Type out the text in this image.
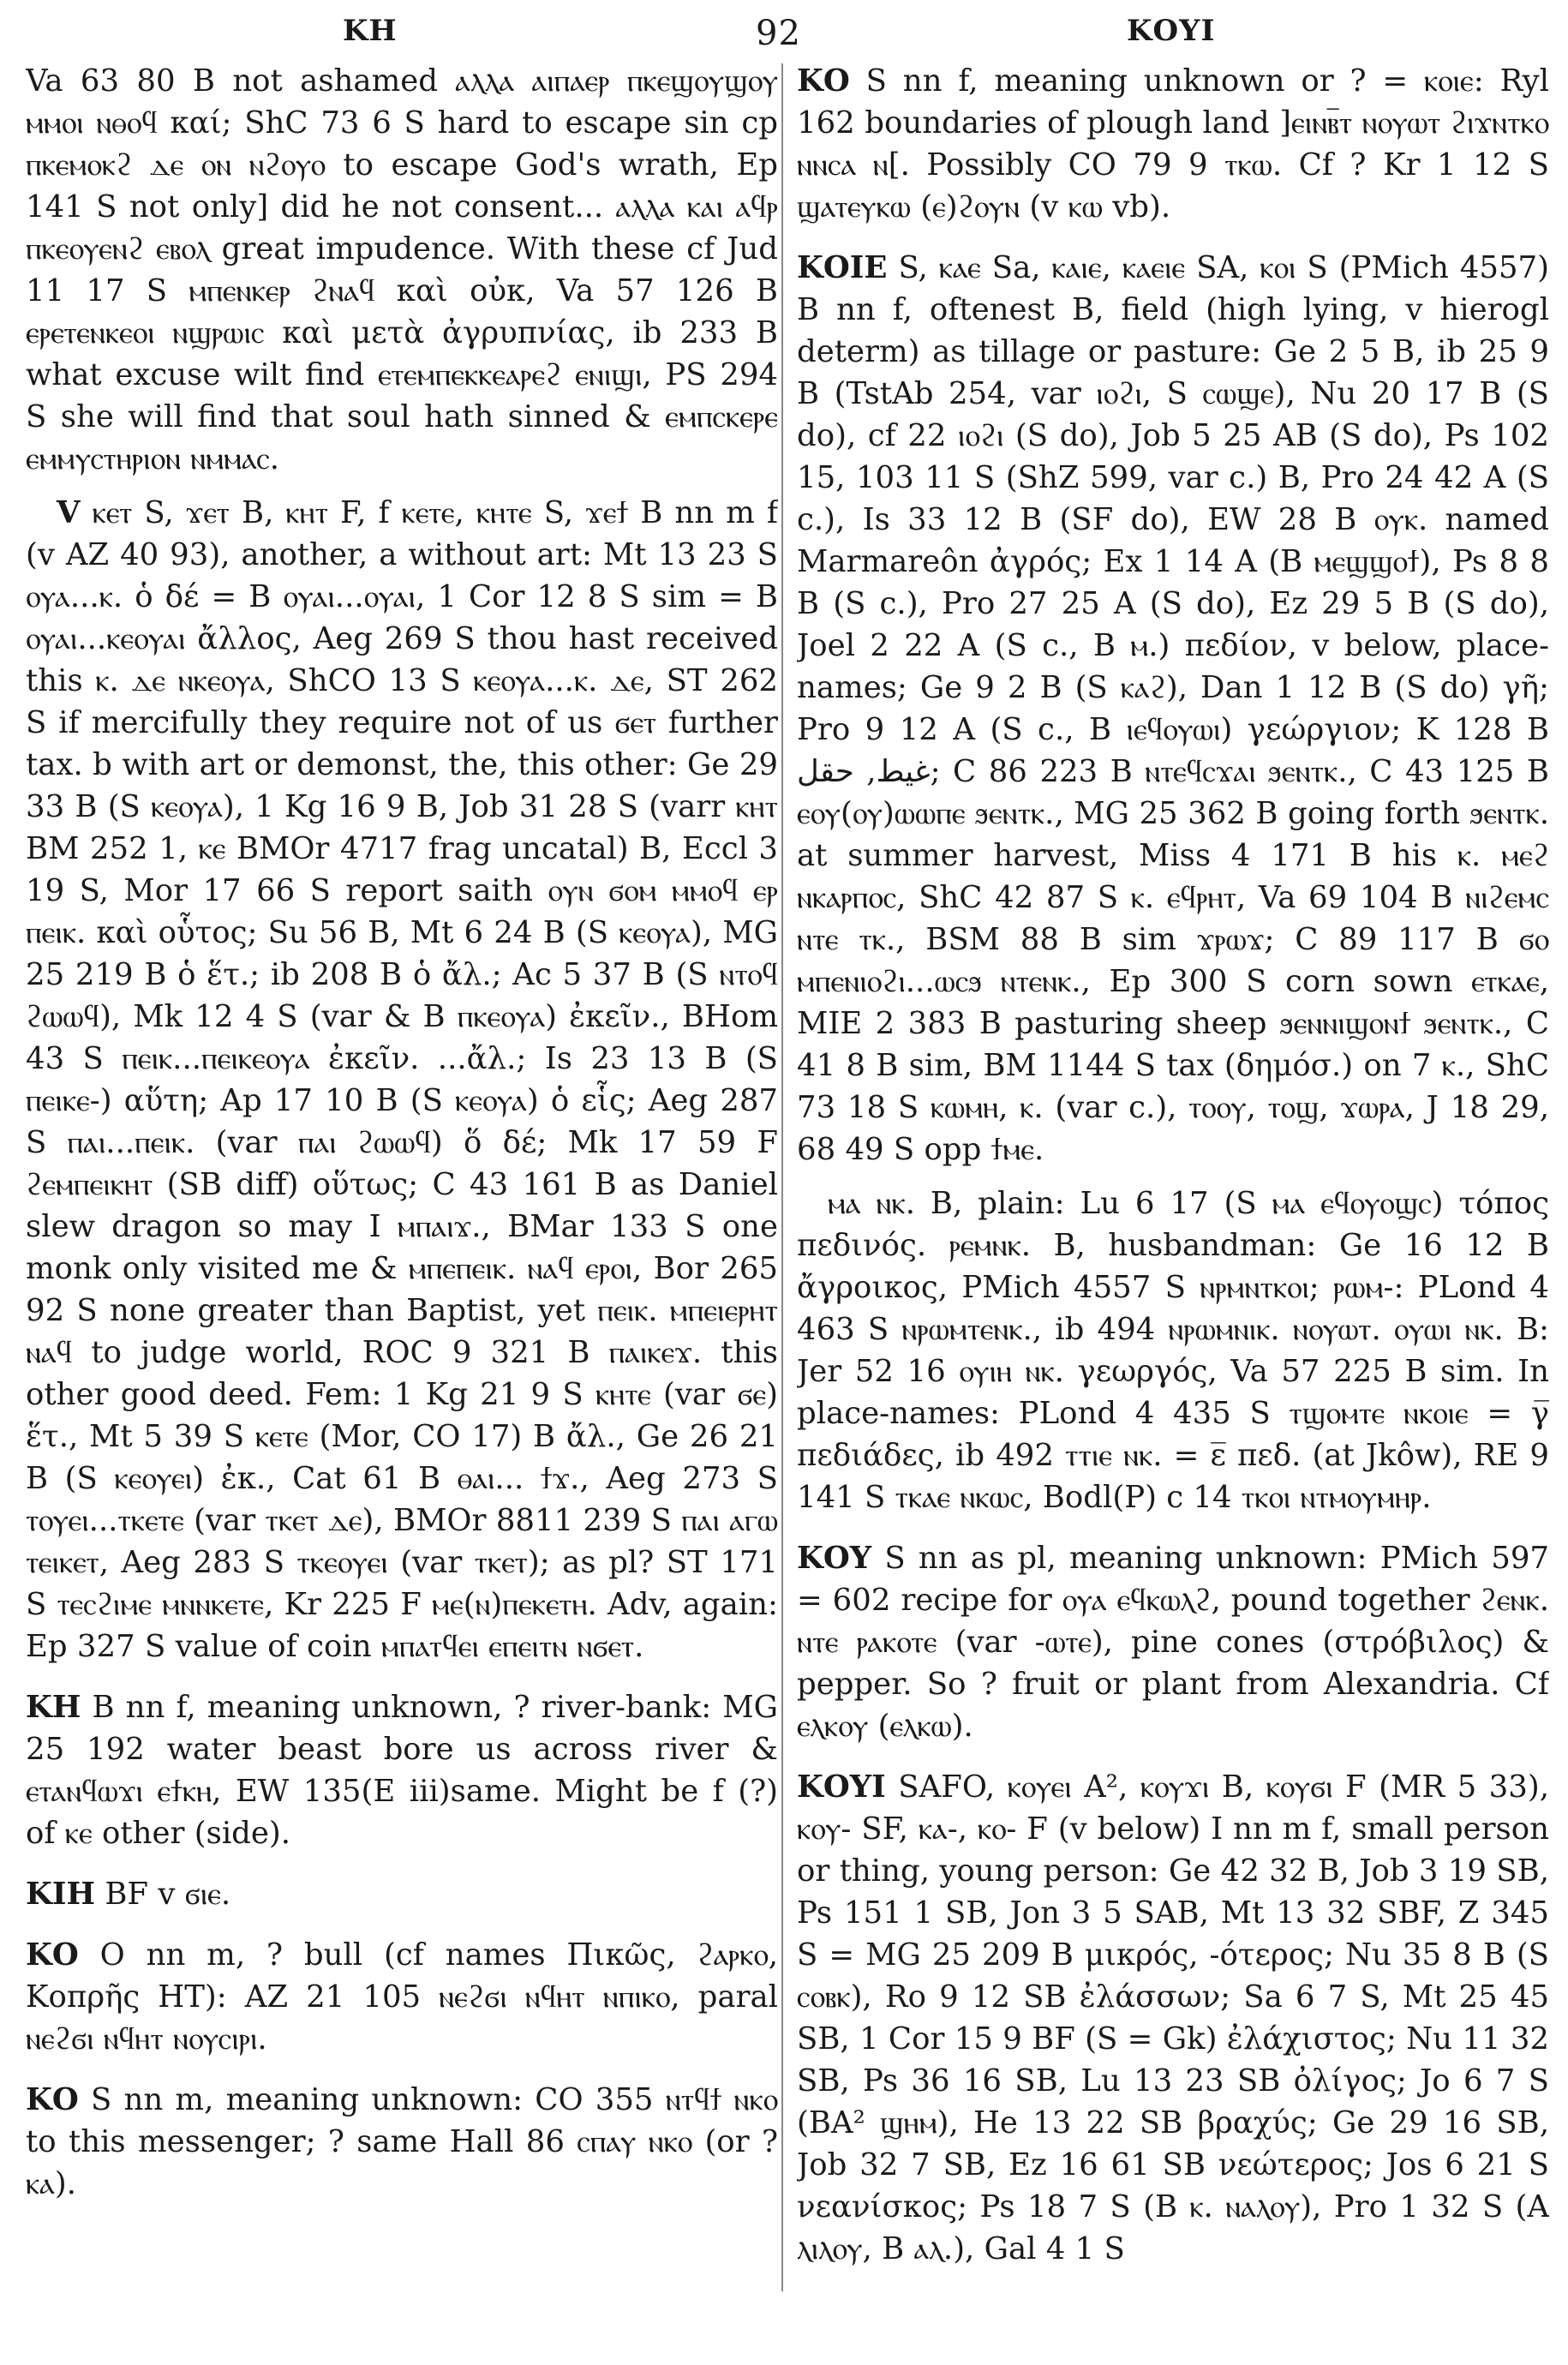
ΚΗ	92	ΚΟΥΙ

Va 63 80 B not ashamed ⲁⲗⲗⲁ ⲁⲓⲡⲁⲉⲣ ⲡⲕⲉϣⲟⲩϣⲟⲩ ⲙⲙⲟⲓ ⲛⲑⲟϥ καί; ShC 73 6 S hard to escape sin cp ⲡⲕⲉⲙⲟⲕϩ ⲇⲉ ⲟⲛ ⲛϩⲟⲩⲟ to escape God's wrath, Ep 141 S not only] did he not consent... ⲁⲗⲗⲁ ⲕⲁⲓ ⲁϥⲣ ⲡⲕⲉⲟⲩⲉⲛϩ ⲉⲃⲟⲗ great impudence. With these cf Jud 11 17 S ⲙⲡⲉⲛⲕⲉⲣ ϩⲛⲁϥ καὶ οὐκ, Va 57 126 B ⲉⲣⲉⲧⲉⲛⲕⲉⲟⲓ ⲛϣⲣⲱⲓⲥ καὶ μετὰ ἀγρυπνίας, ib 233 B what excuse wilt find ⲉⲧⲉⲙⲡⲉⲕⲕⲉⲁⲣⲉϩ ⲉⲛⲓϣⲓ, PS 294 S she will find that soul hath sinned & ⲉⲙⲡⲥⲕⲉⲣⲉ ⲉⲙⲙⲩⲥⲧⲏⲣⲓⲟⲛ ⲛⲙⲙⲁⲥ.

V ⲕⲉⲧ S, ϫⲉⲧ B, ⲕⲏⲧ F, f ⲕⲉⲧⲉ, ⲕⲏⲧⲉ S, ϫⲉϯ B nn m f (v AZ 40 93), another, a without art: Mt 13 23 S ⲟⲩⲁ...ⲕ. ὁ δέ = B ⲟⲩⲁⲓ...ⲟⲩⲁⲓ, 1 Cor 12 8 S sim = B ⲟⲩⲁⲓ...ⲕⲉⲟⲩⲁⲓ ἄλλος, Aeg 269 S thou hast received this ⲕ. ⲇⲉ ⲛⲕⲉⲟⲩⲁ, ShCO 13 S ⲕⲉⲟⲩⲁ...ⲕ. ⲇⲉ, ST 262 S if mercifully they require not of us ϭⲉⲧ further tax. b with art or demonst, the, this other: Ge 29 33 B (S ⲕⲉⲟⲩⲁ), 1 Kg 16 9 B, Job 31 28 S (varr ⲕⲏⲧ BM 252 1, ⲕⲉ BMOr 4717 frag uncatal) B, Eccl 3 19 S, Mor 17 66 S report saith ⲟⲩⲛ ϭⲟⲙ ⲙⲙⲟϥ ⲉⲣ ⲡⲉⲓⲕ. καὶ οὗτος; Su 56 B, Mt 6 24 B (S ⲕⲉⲟⲩⲁ), MG 25 219 B ὁ ἕτ.; ib 208 B ὁ ἄλ.; Ac 5 37 B (S ⲛⲧⲟϥ ϩⲱⲱϥ), Mk 12 4 S (var & B ⲡⲕⲉⲟⲩⲁ) ἐκεῖν., BHom 43 S ⲡⲉⲓⲕ...ⲡⲉⲓⲕⲉⲟⲩⲁ ἐκεῖν. ...ἄλ.; Is 23 13 B (S ⲡⲉⲓⲕⲉ-) αὕτη; Ap 17 10 B (S ⲕⲉⲟⲩⲁ) ὁ εἷς; Aeg 287 S ⲡⲁⲓ...ⲡⲉⲓⲕ. (var ⲡⲁⲓ ϩⲱⲱϥ) ὅ δέ; Mk 17 59 F ϩⲉⲙⲡⲉⲓⲕⲏⲧ (SB diff) οὕτως; C 43 161 B as Daniel slew dragon so may I ⲙⲡⲁⲓϫ., BMar 133 S one monk only visited me & ⲙⲡⲉⲡⲉⲓⲕ. ⲛⲁϥ ⲉⲣⲟⲓ, Bor 265 92 S none greater than Baptist, yet ⲡⲉⲓⲕ. ⲙⲡⲉⲓⲉⲣⲏⲧ ⲛⲁϥ to judge world, ROC 9 321 B ⲡⲁⲓⲕⲉϫ. this other good deed. Fem: 1 Kg 21 9 S ⲕⲏⲧⲉ (var ϭⲉ) ἕτ., Mt 5 39 S ⲕⲉⲧⲉ (Mor, CO 17) B ἄλ., Ge 26 21 B (S ⲕⲉⲟⲩⲉⲓ) ἐκ., Cat 61 B ⲑⲁⲓ... ϯϫ., Aeg 273 S ⲧⲟⲩⲉⲓ...ⲧⲕⲉⲧⲉ (var ⲧⲕⲉⲧ ⲇⲉ), BMOr 8811 239 S ⲡⲁⲓ ⲁⲅⲱ ⲧⲉⲓⲕⲉⲧ, Aeg 283 S ⲧⲕⲉⲟⲩⲉⲓ (var ⲧⲕⲉⲧ); as pl? ST 171 S ⲧⲉⲥϩⲓⲙⲉ ⲙⲛⲛⲕⲉⲧⲉ, Kr 225 F ⲙⲉ(ⲛ)ⲡⲉⲕⲉⲧⲏ. Adv, again: Ep 327 S value of coin ⲙⲡⲁⲧϥⲉⲓ ⲉⲡⲉⲓⲧⲛ ⲛϭⲉⲧ.

ΚΗ B nn f, meaning unknown, ? river-bank: MG 25 192 water beast bore us across river & ⲉⲧⲁⲛϥⲱϫⲓ ⲉϯⲕⲏ, EW 135(E iii)same. Might be f (?) of ⲕⲉ other (side).

ΚΙΗ BF v ϭⲓⲉ.

ΚΟ O nn m, ? bull (cf names Πικῶς, ϩⲁⲣⲕⲟ, Κοπρῆς HT): AZ 21 105 ⲛⲉϩϭⲓ ⲛϥⲏⲧ ⲛⲡⲓⲕⲟ, paral ⲛⲉϩϭⲓ ⲛϥⲏⲧ ⲛⲟⲩⲥⲓⲣⲓ.

ΚΟ S nn m, meaning unknown: CO 355 ⲛⲧϥϯ ⲛⲕⲟ to this messenger; ? same Hall 86 ⲥⲡⲁⲩ ⲛⲕⲟ (or ? ⲕⲁ).

ΚΟ S nn f, meaning unknown or ? = ⲕⲟⲓⲉ: Ryl 162 boundaries of plough land ]ⲉⲓⲛⲃ̅ⲧ ⲛⲟⲩⲱⲧ ϩⲓϫⲛⲧⲕⲟ ⲛⲛⲥⲁ ⲛ[. Possibly CO 79 9 ⲧⲕⲱ. Cf ? Kr 1 12 S ϣⲁⲧⲉⲩⲕⲱ (ⲉ)ϩⲟⲩⲛ (v ⲕⲱ vb).

ΚΟΙΕ S, ⲕⲁⲉ Sa, ⲕⲁⲓⲉ, ⲕⲁⲉⲓⲉ SA, ⲕⲟⲓ S (PMich 4557) B nn f, oftenest B, field (high lying, v hierogl determ) as tillage or pasture: Ge 2 5 B, ib 25 9 B (TstAb 254, var ⲓⲟϩⲓ, S ⲥⲱϣⲉ), Nu 20 17 B (S do), cf 22 ⲓⲟϩⲓ (S do), Job 5 25 AB (S do), Ps 102 15, 103 11 S (ShZ 599, var c.) B, Pro 24 42 A (S c.), Is 33 12 B (SF do), EW 28 B ⲟⲩⲕ. named Marmareôn ἀγρός; Ex 1 14 A (B ⲙⲉϣϣⲟϯ), Ps 8 8 B (S c.), Pro 27 25 A (S do), Ez 29 5 B (S do), Joel 2 22 A (S c., B ⲙ.) πεδίον, v below, place-names; Ge 9 2 B (S ⲕⲁϩ), Dan 1 12 B (S do) γῆ; Pro 9 12 A (S c., B ⲓⲉϥⲟⲩⲱⲓ) γεώργιον; K 128 B غيط, حقل; C 86 223 B ⲛⲧⲉϥⲥϫⲁⲓ ϧⲉⲛⲧⲕ., C 43 125 B ⲉⲟⲩ(ⲟⲩ)ⲱⲱⲡⲉ ϧⲉⲛⲧⲕ., MG 25 362 B going forth ϧⲉⲛⲧⲕ. at summer harvest, Miss 4 171 B his ⲕ. ⲙⲉϩ ⲛⲕⲁⲣⲡⲟⲥ, ShC 42 87 S ⲕ. ⲉϥⲣⲏⲧ, Va 69 104 B ⲛⲓϩⲉⲙⲥ ⲛⲧⲉ ⲧⲕ., BSM 88 B sim ϫⲣⲱϫ; C 89 117 B ϭⲟ ⲙⲡⲉⲛⲓⲟϩⲓ...ⲱⲥϧ ⲛⲧⲉⲛⲕ., Ep 300 S corn sown ⲉⲧⲕⲁⲉ, MIE 2 383 B pasturing sheep ϧⲉⲛⲛⲓϣⲟⲛϯ ϧⲉⲛⲧⲕ., C 41 8 B sim, BM 1144 S tax (δημόσ.) on 7 ⲕ., ShC 73 18 S ⲕⲱⲙⲏ, ⲕ. (var c.), ⲧⲟⲟⲩ, ⲧⲟϣ, ϫⲱⲣⲁ, J 18 29, 68 49 S opp ϯⲙⲉ.

ⲙⲁ ⲛⲕ. B, plain: Lu 6 17 (S ⲙⲁ ⲉϥⲟⲩⲟϣⲥ) τόπος πεδινός. ⲣⲉⲙⲛⲕ. B, husbandman: Ge 16 12 B ἄγροικος, PMich 4557 S ⲛⲣⲙⲛⲧⲕⲟⲓ; ⲣⲱⲙ-: PLond 4 463 S ⲛⲣⲱⲙⲧⲉⲛⲕ., ib 494 ⲛⲣⲱⲙⲛⲓⲕ. ⲛⲟⲩⲱⲧ. ⲟⲩⲱⲓ ⲛⲕ. B: Jer 52 16 ⲟⲩⲓⲏ ⲛⲕ. γεωργός, Va 57 225 B sim. In place-names: PLond 4 435 S ⲧϣⲟⲙⲧⲉ ⲛⲕⲟⲓⲉ = γ̅ πεδιάδες, ib 492 ⲧⲧⲓⲉ ⲛⲕ. = ε̅ πεδ. (at Jkôw), RE 9 141 S ⲧⲕⲁⲉ ⲛⲕⲱⲥ, Bodl(P) c 14 ⲧⲕⲟⲓ ⲛⲧⲙⲟⲩⲙⲏⲣ.

ΚΟΥ S nn as pl, meaning unknown: PMich 597 = 602 recipe for ⲟⲩⲁ ⲉϥⲕⲱⲗϩ, pound together ϩⲉⲛⲕ. ⲛⲧⲉ ⲣⲁⲕⲟⲧⲉ (var -ⲱⲧⲉ), pine cones (στρόβιλος) & pepper. So ? fruit or plant from Alexandria. Cf ⲉⲗⲕⲟⲩ (ⲉⲗⲕⲱ).

ΚΟΥΙ SAFO, ⲕⲟⲩⲉⲓ A², ⲕⲟⲩϫⲓ B, ⲕⲟⲩϭⲓ F (MR 5 33), ⲕⲟⲩ- SF, ⲕⲁ-, ⲕⲟ- F (v below) I nn m f, small person or thing, young person: Ge 42 32 B, Job 3 19 SB, Ps 151 1 SB, Jon 3 5 SAB, Mt 13 32 SBF, Z 345 S = MG 25 209 B μικρός, -ότερος; Nu 35 8 B (S ⲥⲟⲃⲕ), Ro 9 12 SB ἐλάσσων; Sa 6 7 S, Mt 25 45 SB, 1 Cor 15 9 BF (S = Gk) ἐλάχιστος; Nu 11 32 SB, Ps 36 16 SB, Lu 13 23 SB ὀλίγος; Jo 6 7 S (BA² ϣⲏⲙ), He 13 22 SB βραχύς; Ge 29 16 SB, Job 32 7 SB, Ez 16 61 SB νεώτερος; Jos 6 21 S νεανίσκος; Ps 18 7 S (B ⲕ. ⲛⲁⲗⲟⲩ), Pro 1 32 S (A ⲗⲓⲗⲟⲩ, B ⲁⲗ.), Gal 4 1 S
